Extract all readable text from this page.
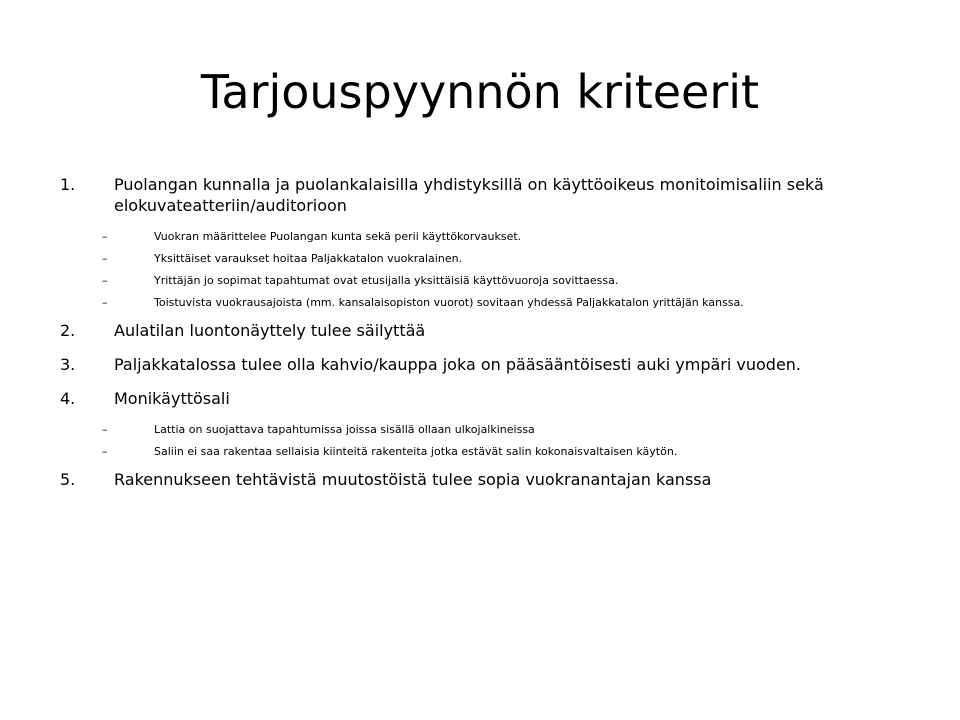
Tarjouspyynnön kriteerit
1. Puolangan kunnalla ja puolankalaisilla yhdistyksillä on käyttöoikeus monitoimisaliin sekä elokuvateatteriin/auditorioon
–	Vuokran määrittelee Puolangan kunta sekä perii käyttökorvaukset.
–	Yksittäiset varaukset hoitaa Paljakkatalon vuokralainen.
–	Yrittäjän jo sopimat tapahtumat ovat etusijalla yksittäisiä käyttövuoroja sovittaessa.
–	Toistuvista vuokrausajoista (mm. kansalaisopiston vuorot) sovitaan yhdessä Paljakkatalon yrittäjän kanssa.
2. Aulatilan luontonäyttely tulee säilyttää
3. Paljakkatalossa tulee olla kahvio/kauppa joka on pääsääntöisesti auki ympäri vuoden.
4. Monikäyttösali
–	Lattia on suojattava tapahtumissa joissa sisällä ollaan ulkojalkineissa
–	Saliin ei saa rakentaa sellaisia kiinteitä rakenteita jotka estävät salin kokonaisvaltaisen käytön.
5. Rakennukseen tehtävistä muutostöistä tulee sopia vuokranantajan kanssa
